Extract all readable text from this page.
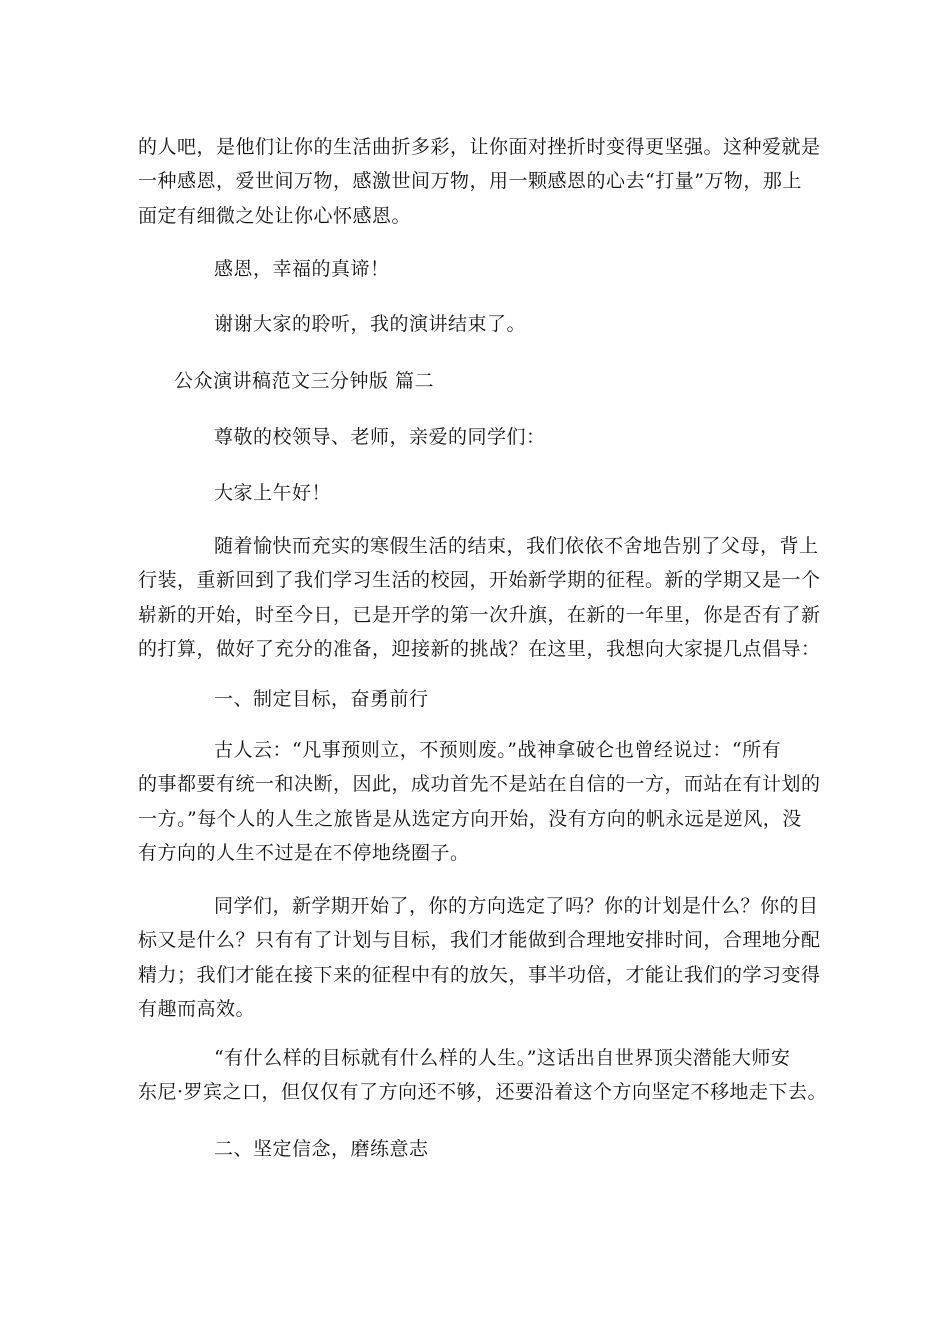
的人吧，是他们让你的生活曲折多彩，让你面对挫折时变得更坚强。这种爱就是
一种感恩，爱世间万物，感激世间万物，用一颗感恩的心去“打量”万物，那上
面定有细微之处让你心怀感恩。

感恩，幸福的真谛！

谢谢大家的聆听，我的演讲结束了。

公众演讲稿范文三分钟版 篇二

尊敬的校领导、老师，亲爱的同学们：

大家上午好！

随着愉快而充实的寒假生活的结束，我们依依不舍地告别了父母，背上
行装，重新回到了我们学习生活的校园，开始新学期的征程。新的学期又是一个
崭新的开始，时至今日，已是开学的第一次升旗，在新的一年里，你是否有了新
的打算，做好了充分的准备，迎接新的挑战？在这里，我想向大家提几点倡导：

一、制定目标，奋勇前行

古人云：“凡事预则立，不预则废。”战神拿破仑也曾经说过：“所有
的事都要有统一和决断，因此，成功首先不是站在自信的一方，而站在有计划的
一方。”每个人的人生之旅皆是从选定方向开始，没有方向的帆永远是逆风，没
有方向的人生不过是在不停地绕圈子。

同学们，新学期开始了，你的方向选定了吗？你的计划是什么？你的目
标又是什么？只有有了计划与目标，我们才能做到合理地安排时间，合理地分配
精力；我们才能在接下来的征程中有的放矢，事半功倍，才能让我们的学习变得
有趣而高效。

“有什么样的目标就有什么样的人生。”这话出自世界顶尖潜能大师安
东尼·罗宾之口，但仅仅有了方向还不够，还要沿着这个方向坚定不移地走下去。

二、坚定信念，磨练意志
